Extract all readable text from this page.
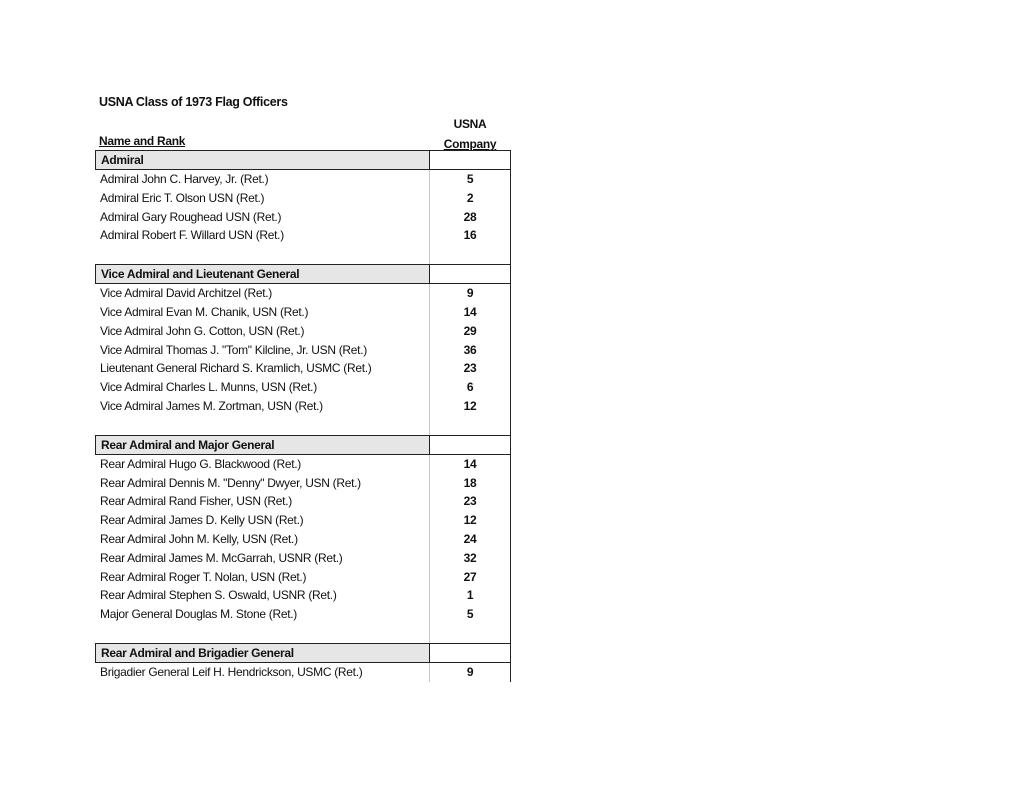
USNA Class of 1973 Flag Officers
USNA
Company
Name and Rank
Admiral
Admiral John C. Harvey, Jr. (Ret.)	5
Admiral Eric T. Olson USN (Ret.)	2
Admiral Gary Roughead USN (Ret.)	28
Admiral Robert F. Willard USN (Ret.)	16
Vice Admiral and Lieutenant General
Vice Admiral David Architzel (Ret.)	9
Vice Admiral Evan M. Chanik, USN (Ret.)	14
Vice Admiral John G. Cotton, USN (Ret.)	29
Vice Admiral Thomas J. "Tom" Kilcline, Jr. USN (Ret.)	36
Lieutenant General Richard S. Kramlich, USMC (Ret.)	23
Vice Admiral Charles L. Munns, USN (Ret.)	6
Vice Admiral James M. Zortman, USN (Ret.)	12
Rear Admiral and Major General
Rear Admiral Hugo G. Blackwood (Ret.)	14
Rear Admiral Dennis M. "Denny" Dwyer, USN (Ret.)	18
Rear Admiral Rand Fisher, USN (Ret.)	23
Rear Admiral James D. Kelly USN (Ret.)	12
Rear Admiral John M. Kelly, USN (Ret.)	24
Rear Admiral James M. McGarrah, USNR (Ret.)	32
Rear Admiral Roger T. Nolan, USN (Ret.)	27
Rear Admiral Stephen S. Oswald, USNR (Ret.)	1
Major General Douglas M. Stone (Ret.)	5
Rear Admiral and Brigadier General
Brigadier General Leif H. Hendrickson, USMC (Ret.)	9
